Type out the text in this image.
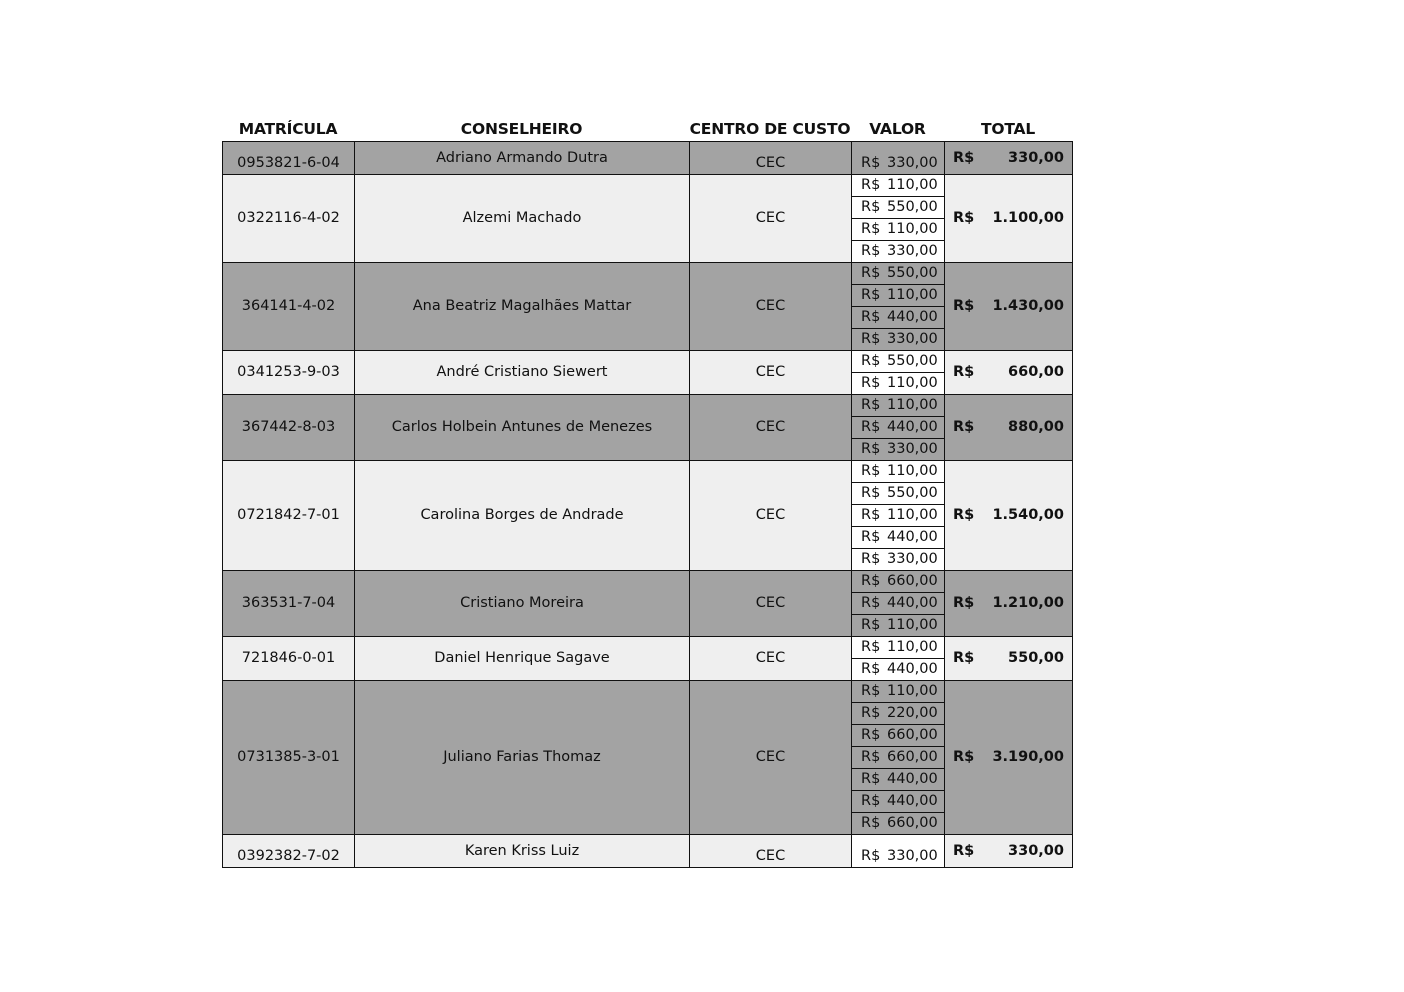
MATRÍCULA	CONSELHEIRO	CENTRO DE CUSTO	VALOR	TOTAL
0953821-6-04	Adriano Armando Dutra	CEC	R$ 330,00	R$ 330,00

0322116-4-02	Alzemi Machado	CEC	R$ 110,00	R$ 1.100,00

			R$ 550,00	
			R$ 110,00	
			R$ 330,00	
364141-4-02	Ana Beatriz Magalhães Mattar	CEC	R$ 550,00	R$ 1.430,00

			R$ 110,00	
			R$ 440,00	
			R$ 330,00	
0341253-9-03	André Cristiano Siewert	CEC	R$ 550,00	R$ 660,00

			R$ 110,00	
367442-8-03	Carlos Holbein Antunes de Menezes	CEC	R$ 110,00	R$ 880,00

			R$ 440,00	
			R$ 330,00	
0721842-7-01	Carolina Borges de Andrade	CEC	R$ 110,00	R$ 1.540,00

			R$ 550,00	
			R$ 110,00	
			R$ 440,00	
			R$ 330,00	
363531-7-04	Cristiano Moreira	CEC	R$ 660,00	R$ 1.210,00

			R$ 440,00	
			R$ 110,00	
721846-0-01	Daniel Henrique Sagave	CEC	R$ 110,00	R$ 550,00

			R$ 440,00	
0731385-3-01	Juliano Farias Thomaz	CEC	R$ 110,00	R$ 3.190,00

			R$ 220,00	
			R$ 660,00	
			R$ 660,00	
			R$ 440,00	
			R$ 440,00	
			R$ 660,00	
0392382-7-02	Karen Kriss Luiz	CEC	R$ 330,00	R$ 330,00
